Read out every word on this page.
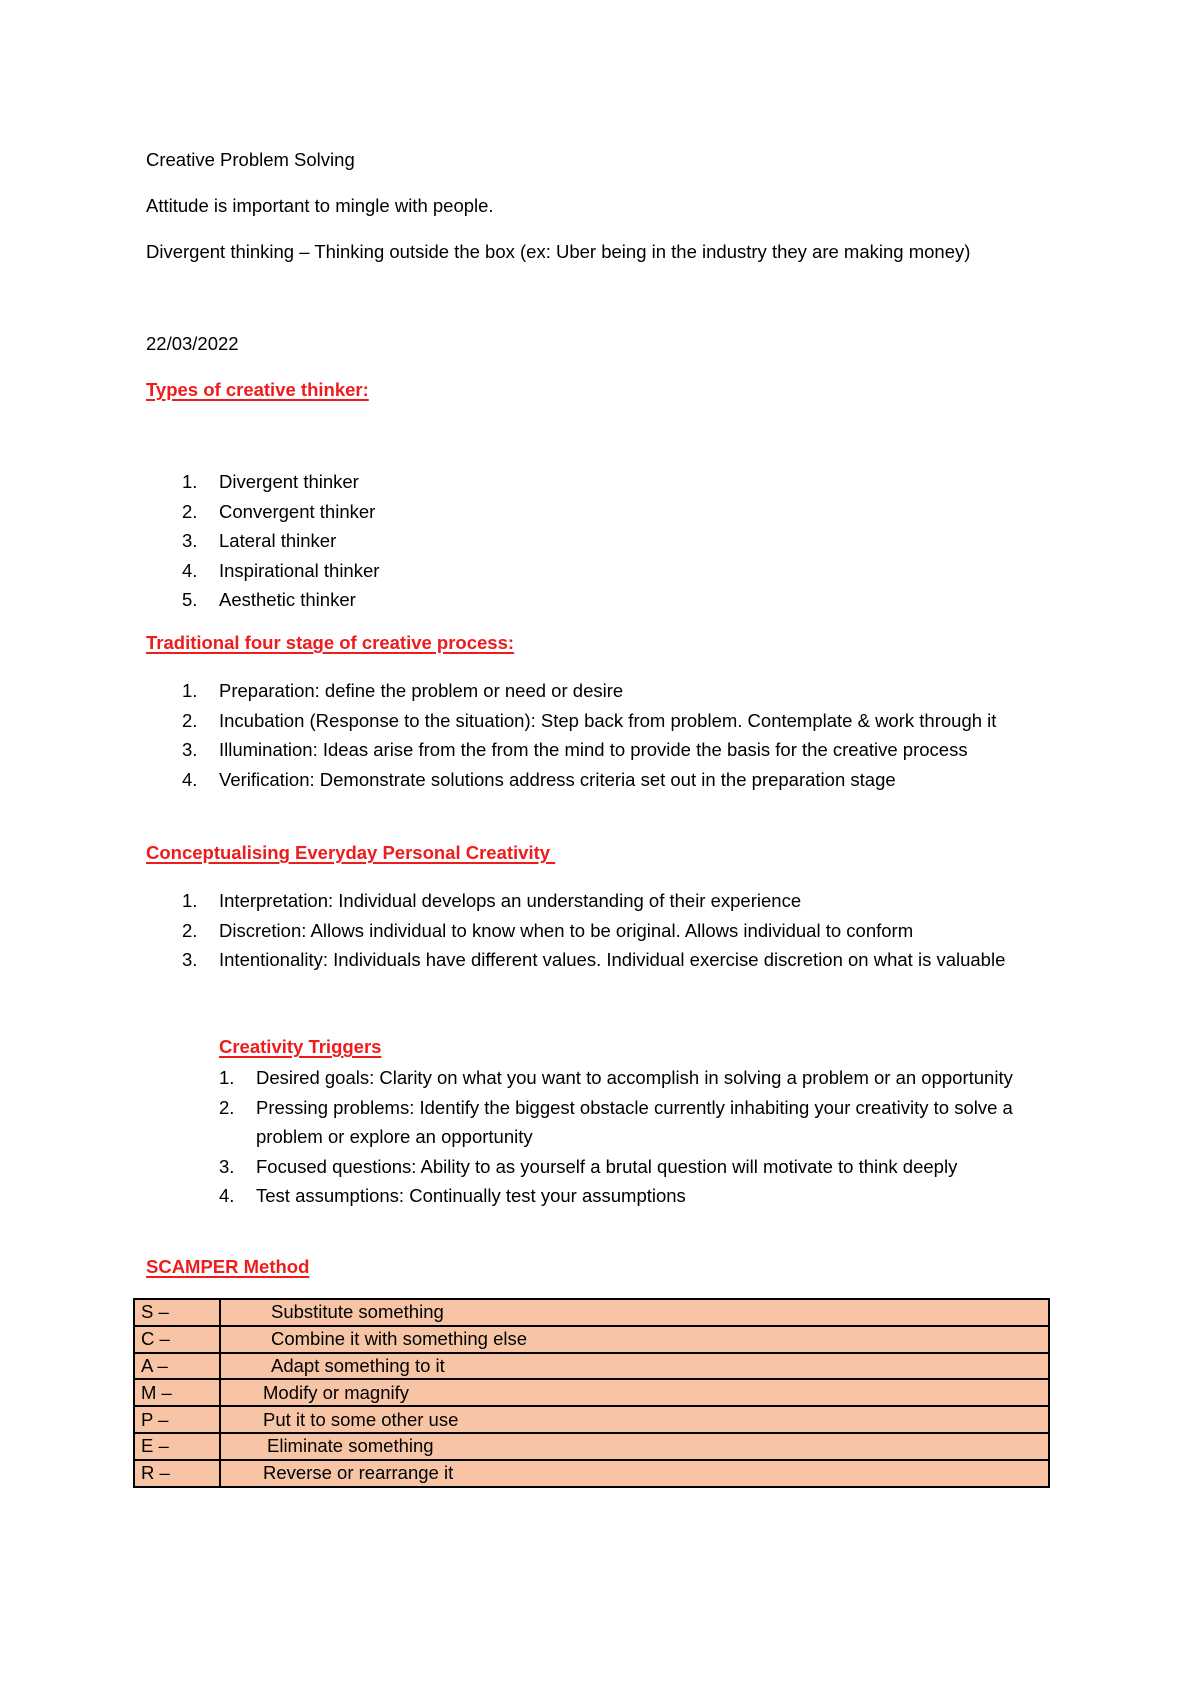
Creative Problem Solving
Attitude is important to mingle with people.
Divergent thinking – Thinking outside the box (ex: Uber being in the industry they are making money)
22/03/2022
Types of creative thinker:
1.	Divergent thinker
2.	Convergent thinker
3.	Lateral thinker
4.	Inspirational thinker
5.	Aesthetic thinker
Traditional four stage of creative process:
1.	Preparation: define the problem or need or desire
2.	Incubation (Response to the situation): Step back from problem. Contemplate & work through it
3.	Illumination: Ideas arise from the from the mind to provide the basis for the creative process
4.	Verification: Demonstrate solutions address criteria set out in the preparation stage
Conceptualising Everyday Personal Creativity
1.	Interpretation: Individual develops an understanding of their experience
2.	Discretion: Allows individual to know when to be original. Allows individual to conform
3.	Intentionality: Individuals have different values. Individual exercise discretion on what is valuable
Creativity Triggers
1.	Desired goals: Clarity on what you want to accomplish in solving a problem or an opportunity
2.	Pressing problems: Identify the biggest obstacle currently inhabiting your creativity to solve a problem or explore an opportunity
3.	Focused questions: Ability to as yourself a brutal question will motivate to think deeply
4.	Test assumptions: Continually test your assumptions
SCAMPER Method
S –	Substitute something
C –	Combine it with something else
A –	Adapt something to it
M –	Modify or magnify
P –	Put it to some other use
E –	Eliminate something
R –	Reverse or rearrange it
